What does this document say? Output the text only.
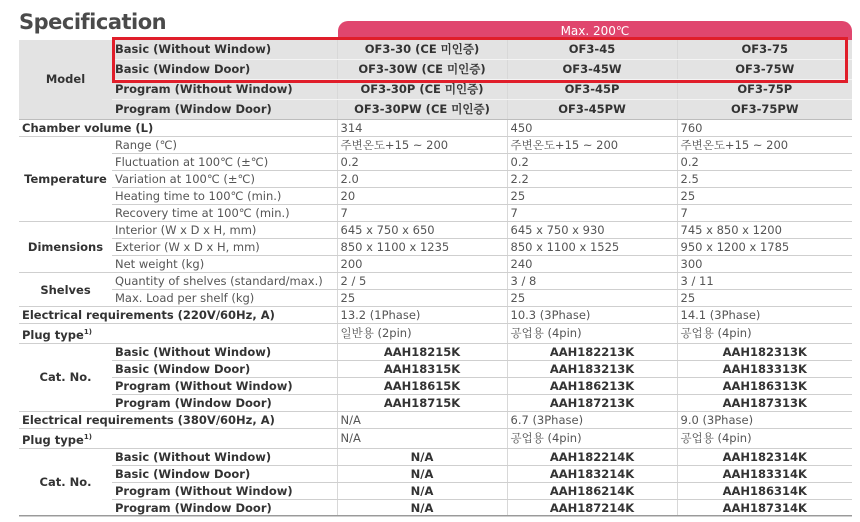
Specification	Max. 200℃
Model	Basic (Without Window)	OF3-30 (CE 미인증)	OF3-45	OF3-75
	Basic (Window Door)	OF3-30W (CE 미인증)	OF3-45W	OF3-75W
	Program (Without Window)	OF3-30P (CE 미인증)	OF3-45P	OF3-75P
	Program (Window Door)	OF3-30PW (CE 미인증)	OF3-45PW	OF3-75PW
Chamber volume (L)		314	450	760
Temperature	Range (℃)	주변온도+15 ~ 200	주변온도+15 ~ 200	주변온도+15 ~ 200
	Fluctuation at 100℃ (±℃)	0.2	0.2	0.2
	Variation at 100℃ (±℃)	2.0	2.2	2.5
	Heating time to 100℃ (min.)	20	25	25
	Recovery time at 100℃ (min.)	7	7	7
Dimensions	Interior (W x D x H, mm)	645 x 750 x 650	645 x 750 x 930	745 x 850 x 1200
	Exterior (W x D x H, mm)	850 x 1100 x 1235	850 x 1100 x 1525	950 x 1200 x 1785
	Net weight (kg)	200	240	300
Shelves	Quantity of shelves (standard/max.)	2 / 5	3 / 8	3 / 11
	Max. Load per shelf (kg)	25	25	25
Electrical requirements (220V/60Hz, A)		13.2 (1Phase)	10.3 (3Phase)	14.1 (3Phase)
Plug type$^{1)}$		일반용 (2pin)	공업용 (4pin)	공업용 (4pin)
Cat. No.	Basic (Without Window)	AAH18215K	AAH182213K	AAH182313K
	Basic (Window Door)	AAH18315K	AAH183213K	AAH183313K
	Program (Without Window)	AAH18615K	AAH186213K	AAH186313K
	Program (Window Door)	AAH18715K	AAH187213K	AAH187313K
Electrical requirements (380V/60Hz, A)		N/A	6.7 (3Phase)	9.0 (3Phase)
Plug type$^{1)}$		N/A	공업용 (4pin)	공업용 (4pin)
Cat. No.	Basic (Without Window)	N/A	AAH182214K	AAH182314K
	Basic (Window Door)	N/A	AAH183214K	AAH183314K
	Program (Without Window)	N/A	AAH186214K	AAH186314K
	Program (Window Door)	N/A	AAH187214K	AAH187314K
